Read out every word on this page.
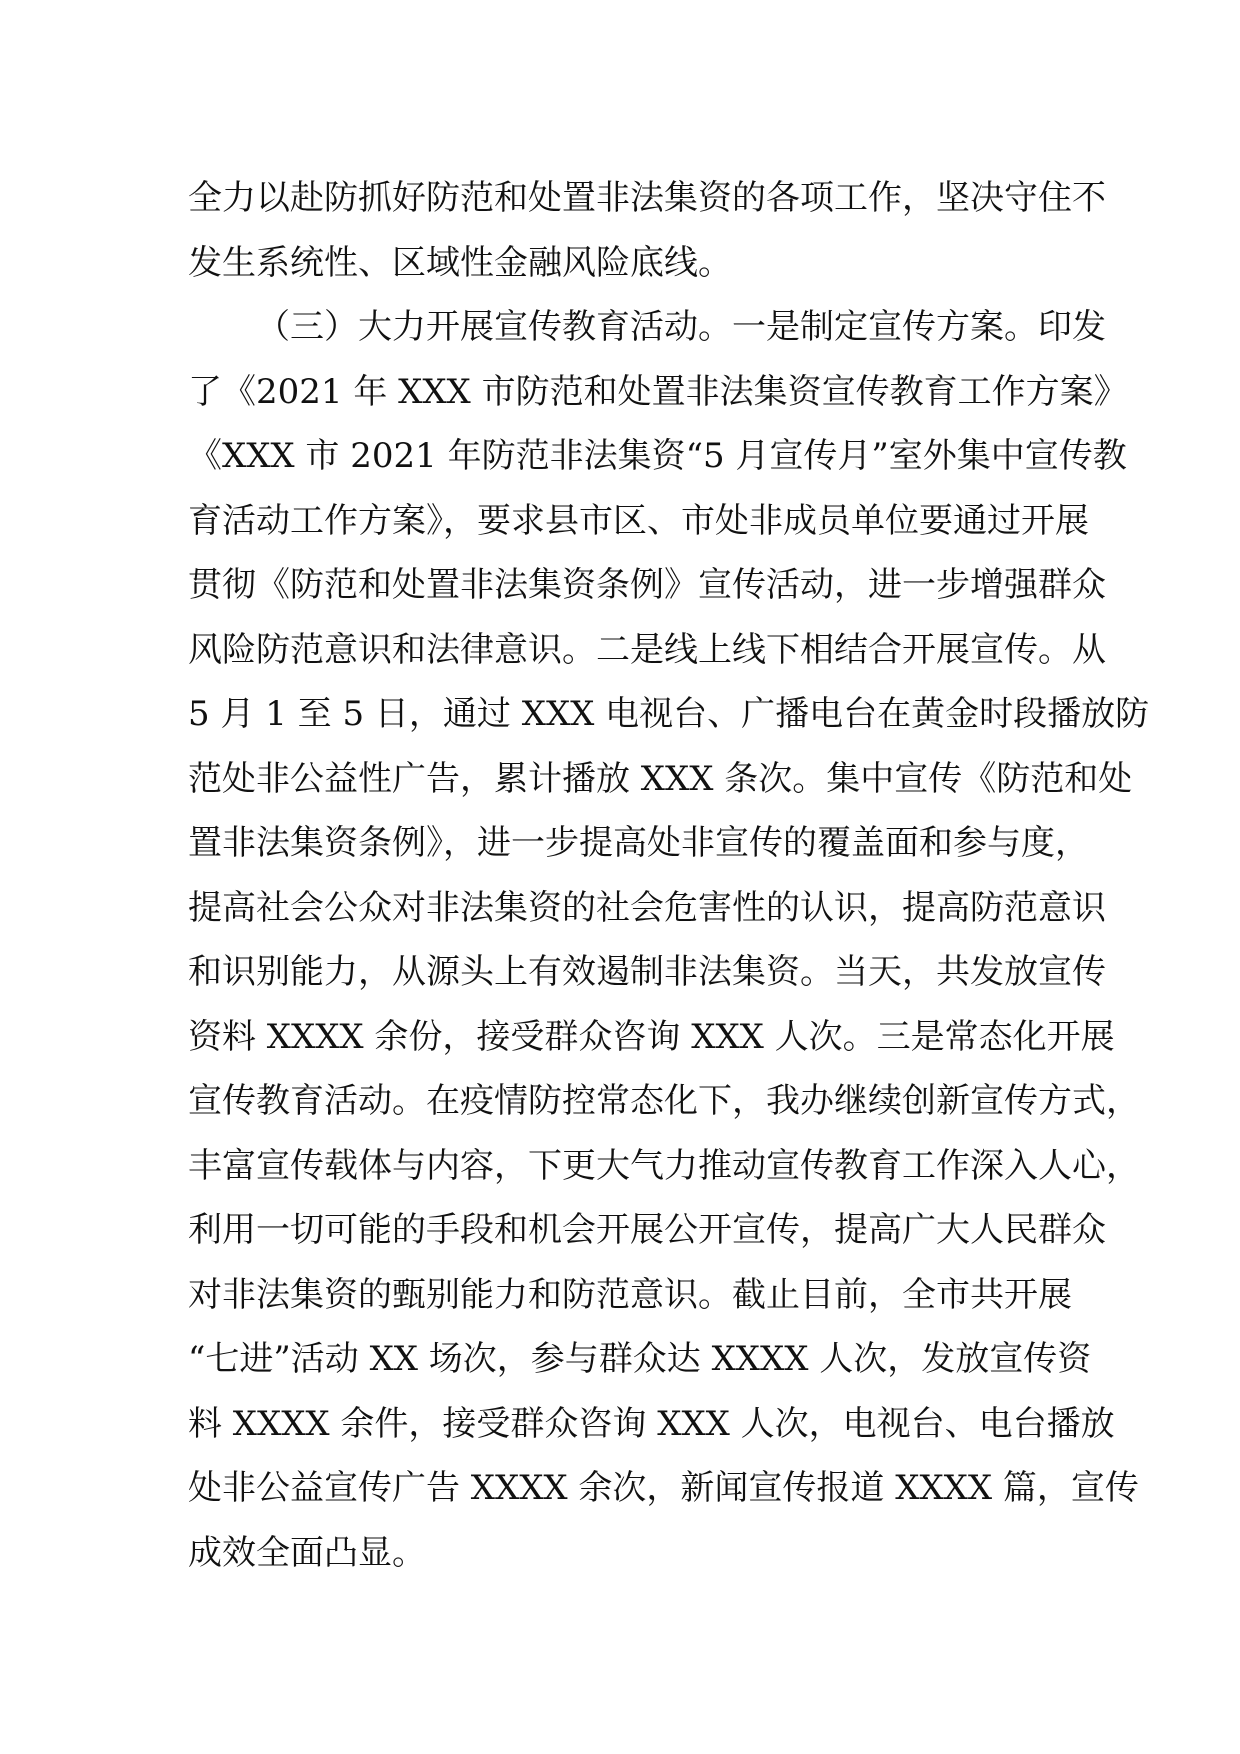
全力以赴防抓好防范和处置非法集资的各项工作，坚决守住不
发生系统性、区域性金融风险底线。
（三）大力开展宣传教育活动。一是制定宣传方案。印发
了《2021 年 XXX 市防范和处置非法集资宣传教育工作方案》
《XXX 市 2021 年防范非法集资“5 月宣传月”室外集中宣传教
育活动工作方案》，要求县市区、市处非成员单位要通过开展
贯彻《防范和处置非法集资条例》宣传活动，进一步增强群众
风险防范意识和法律意识。二是线上线下相结合开展宣传。从
5 月 1 至 5 日，通过 XXX 电视台、广播电台在黄金时段播放防
范处非公益性广告，累计播放 XXX 条次。集中宣传《防范和处
置非法集资条例》，进一步提高处非宣传的覆盖面和参与度，
提高社会公众对非法集资的社会危害性的认识，提高防范意识
和识别能力，从源头上有效遏制非法集资。当天，共发放宣传
资料 XXXX 余份，接受群众咨询 XXX 人次。三是常态化开展
宣传教育活动。在疫情防控常态化下，我办继续创新宣传方式，
丰富宣传载体与内容，下更大气力推动宣传教育工作深入人心，
利用一切可能的手段和机会开展公开宣传，提高广大人民群众
对非法集资的甄别能力和防范意识。截止目前，全市共开展
“七进”活动 XX 场次，参与群众达 XXXX 人次，发放宣传资
料 XXXX 余件，接受群众咨询 XXX 人次，电视台、电台播放
处非公益宣传广告 XXXX 余次，新闻宣传报道 XXXX 篇，宣传
成效全面凸显。
